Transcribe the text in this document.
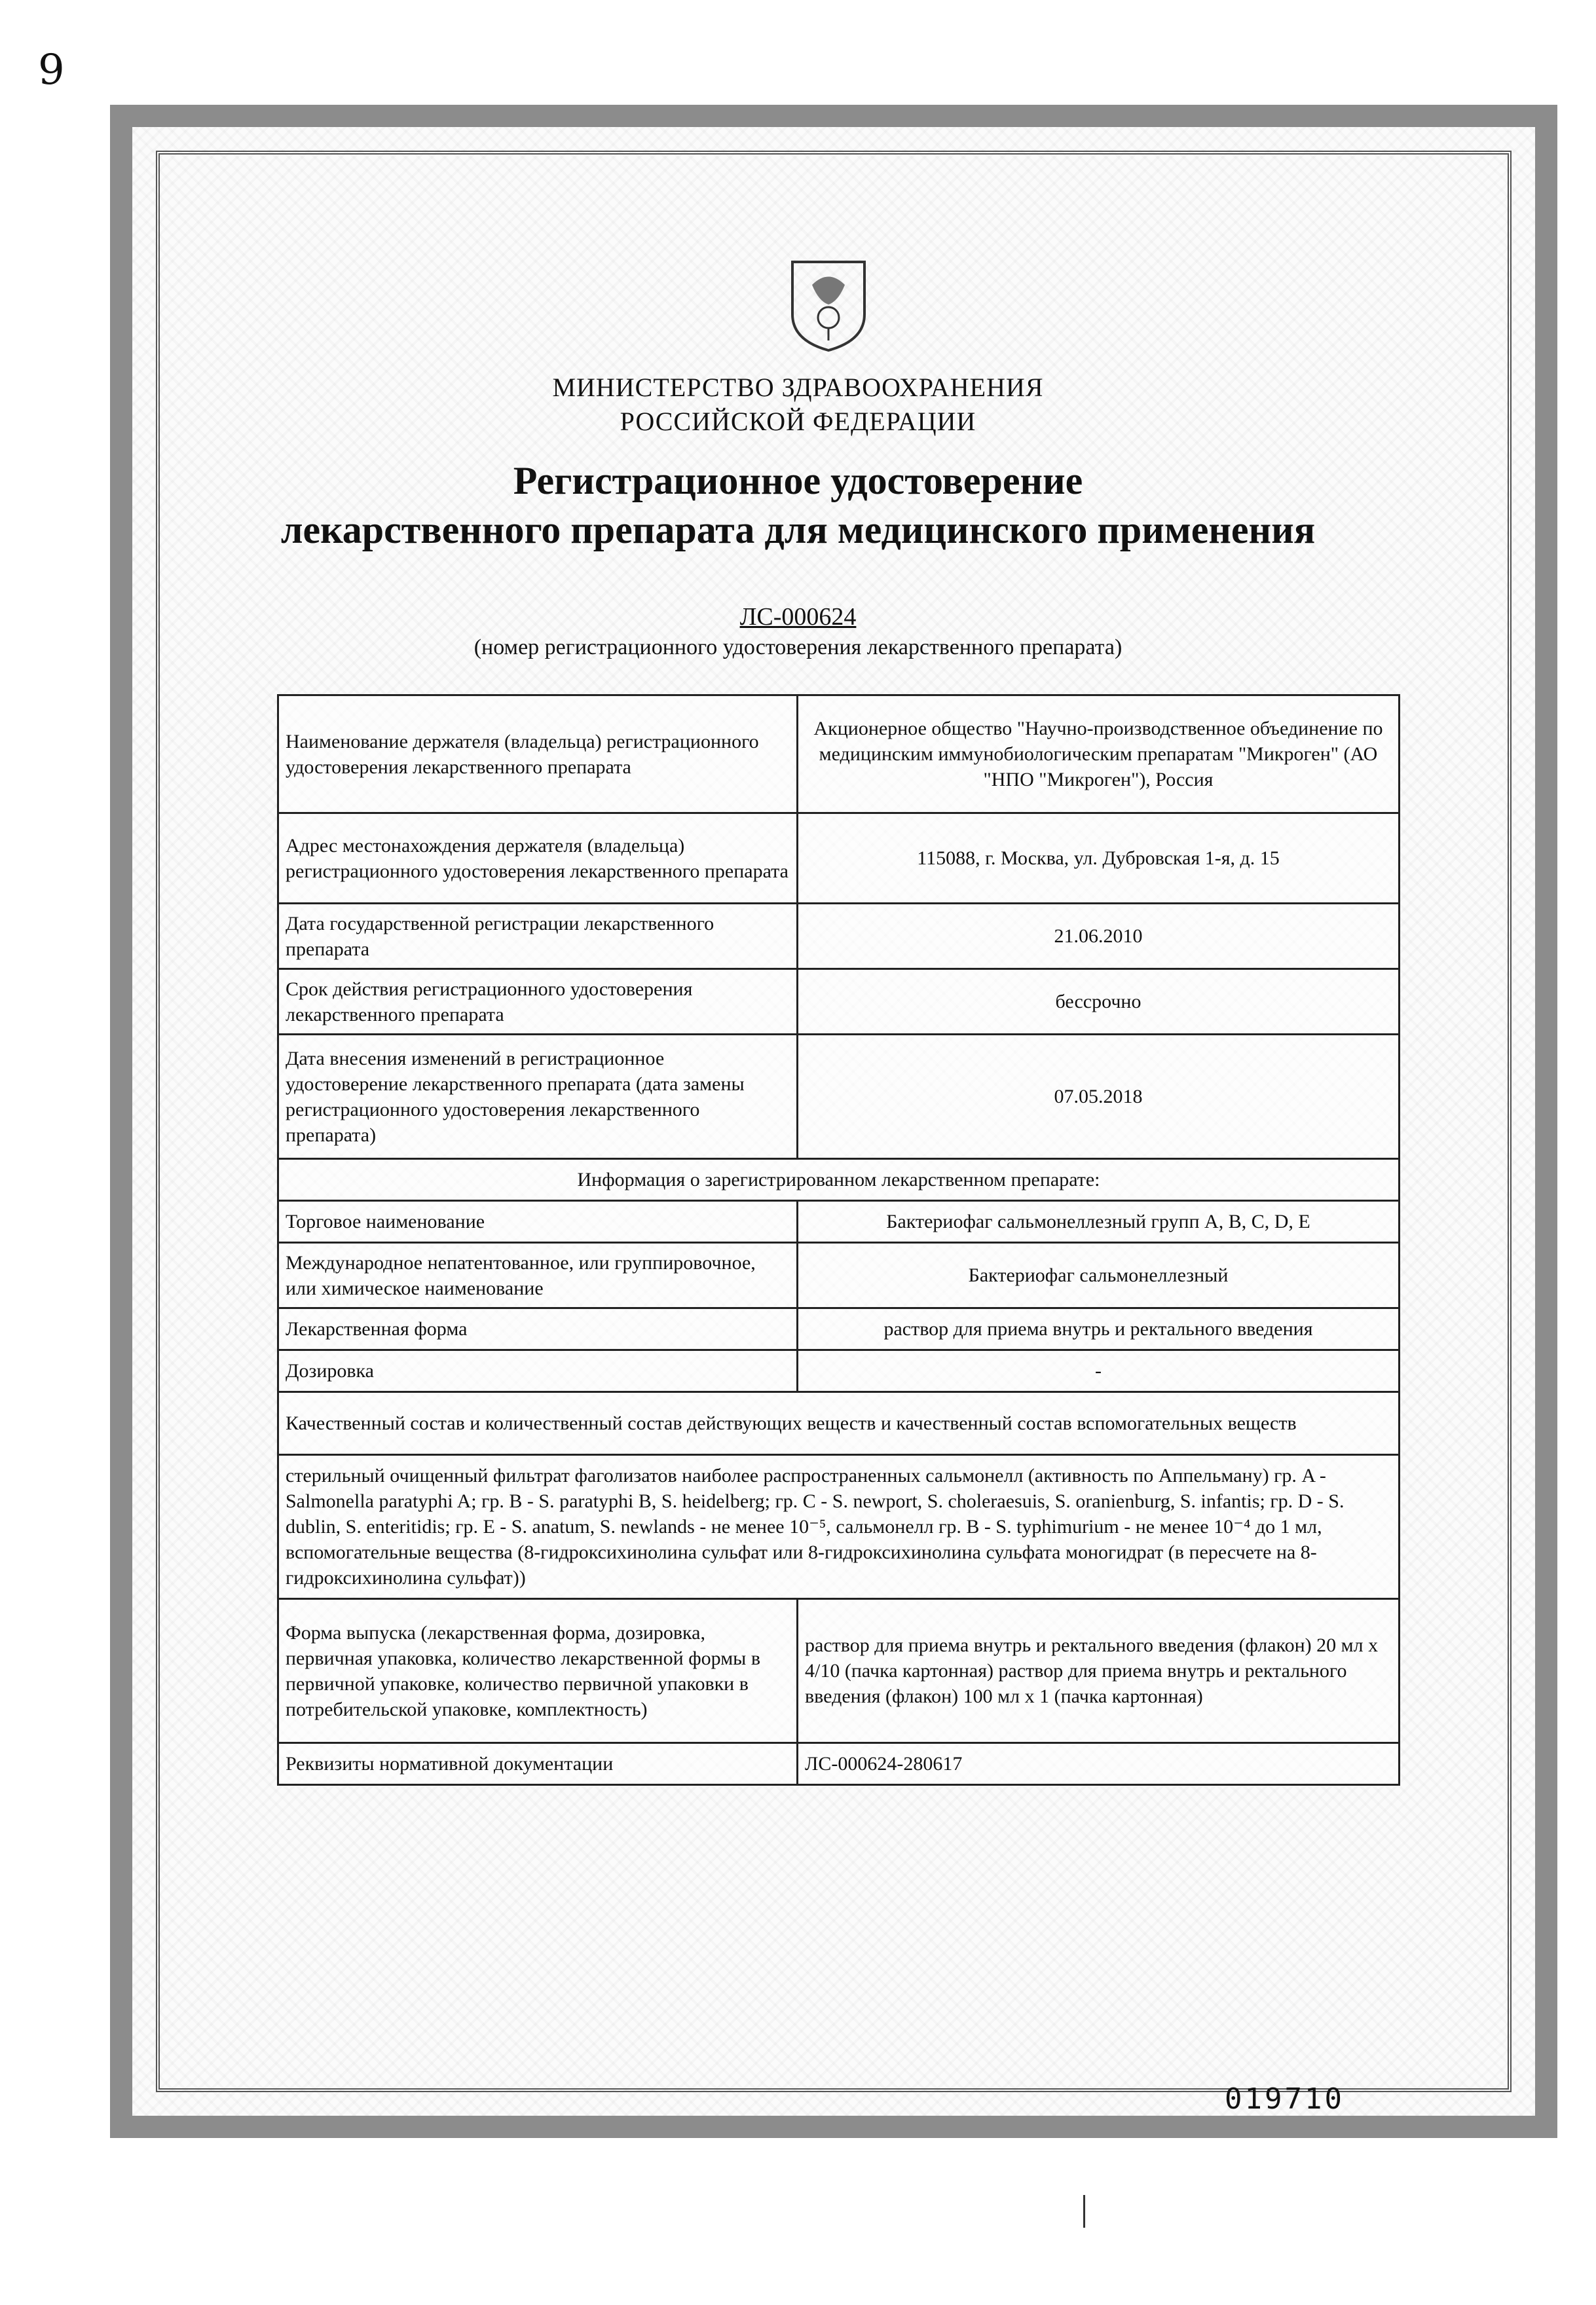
9
МИНИСТЕРСТВО ЗДРАВООХРАНЕНИЯ
РОССИЙСКОЙ ФЕДЕРАЦИИ
Регистрационное удостоверение
лекарственного препарата для медицинского применения
ЛС-000624
(номер регистрационного удостоверения лекарственного препарата)
Наименование держателя (владельца) регистрационного удостоверения лекарственного препарата	Акционерное общество "Научно-производственное объединение по медицинским иммунобиологическим препаратам "Микроген" (АО "НПО "Микроген"), Россия
Адрес местонахождения держателя (владельца) регистрационного удостоверения лекарственного препарата	115088, г. Москва, ул. Дубровская 1-я, д. 15
Дата государственной регистрации лекарственного препарата	21.06.2010
Срок действия регистрационного удостоверения лекарственного препарата	бессрочно
Дата внесения изменений в регистрационное удостоверение лекарственного препарата (дата замены регистрационного удостоверения лекарственного препарата)	07.05.2018
Информация о зарегистрированном лекарственном препарате:	
Торговое наименование	Бактериофаг сальмонеллезный групп A, B, C, D, E
Международное непатентованное, или группировочное, или химическое наименование	Бактериофаг сальмонеллезный
Лекарственная форма	раствор для приема внутрь и ректального введения
Дозировка	-
Качественный состав и количественный состав действующих веществ и качественный состав вспомогательных веществ	
стерильный очищенный фильтрат фаголизатов наиболее распространенных сальмонелл (активность по Аппельману) гр. A - Salmonella paratyphi A; гр. B - S. paratyphi B, S. heidelberg; гр. C - S. newport, S. choleraesuis, S. oranienburg, S. infantis; гр. D - S. dublin, S. enteritidis; гр. E - S. anatum, S. newlands - не менее 10⁻⁵, сальмонелл гр. B - S. typhimurium - не менее 10⁻⁴ до 1 мл, вспомогательные вещества (8-гидроксихинолина сульфат или 8-гидроксихинолина сульфата моногидрат (в пересчете на 8-гидроксихинолина сульфат))	
Форма выпуска (лекарственная форма, дозировка, первичная упаковка, количество лекарственной формы в первичной упаковке, количество первичной упаковки в потребительской упаковке, комплектность)	раствор для приема внутрь и ректального введения (флакон) 20 мл x 4/10 (пачка картонная) раствор для приема внутрь и ректального введения (флакон) 100 мл x 1 (пачка картонная)
Реквизиты нормативной документации	ЛС-000624-280617
019710
